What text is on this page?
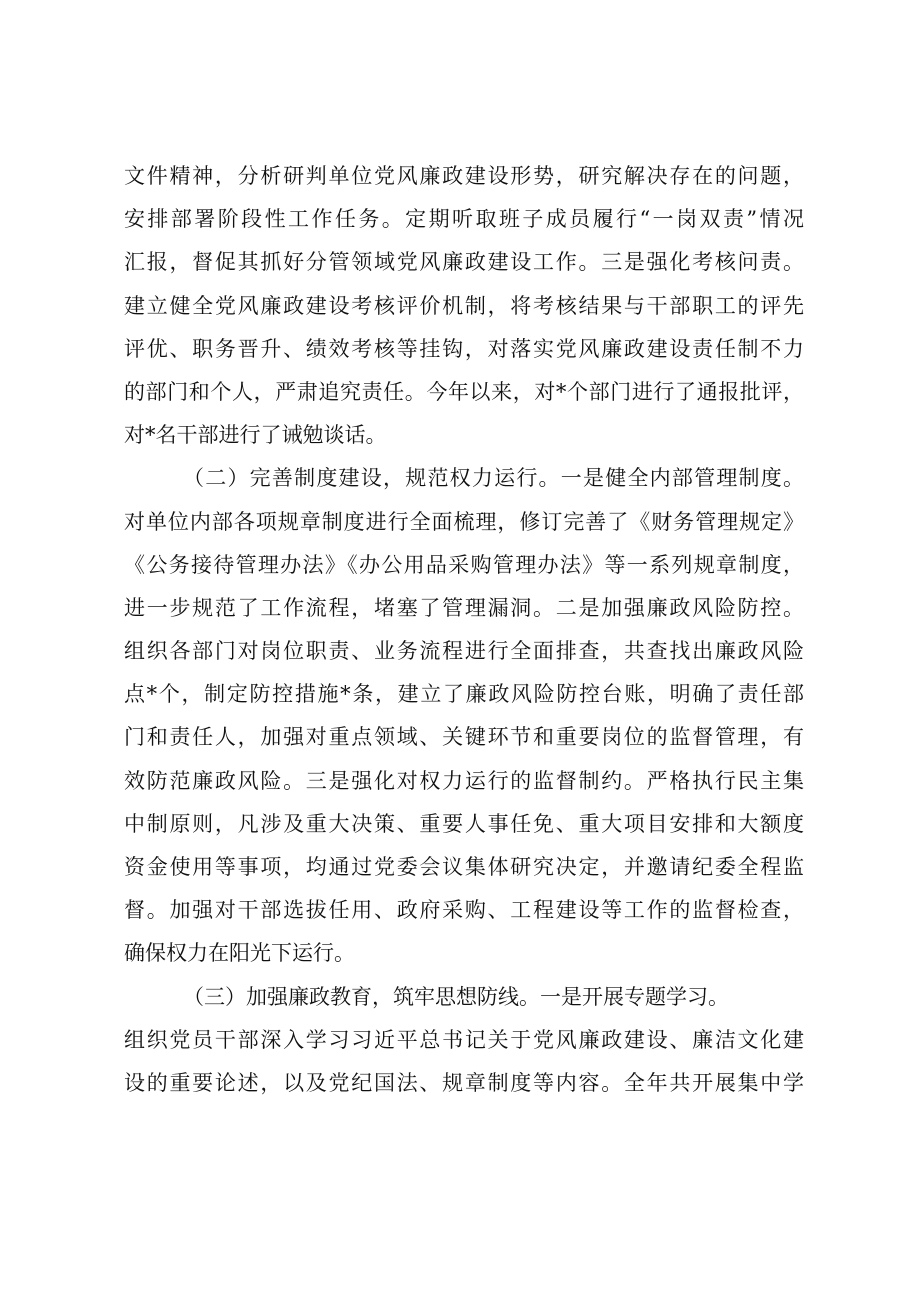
文件精神，分析研判单位党风廉政建设形势，研究解决存在的问题，

安排部署阶段性工作任务。定期听取班子成员履行“一岗双责”情况

汇报，督促其抓好分管领域党风廉政建设工作。三是强化考核问责。

建立健全党风廉政建设考核评价机制，将考核结果与干部职工的评先

评优、职务晋升、绩效考核等挂钩，对落实党风廉政建设责任制不力

的部门和个人，严肃追究责任。今年以来，对*个部门进行了通报批评，

对*名干部进行了诫勉谈话。

（二）完善制度建设，规范权力运行。一是健全内部管理制度。

对单位内部各项规章制度进行全面梳理，修订完善了《财务管理规定》

《公务接待管理办法》《办公用品采购管理办法》等一系列规章制度，

进一步规范了工作流程，堵塞了管理漏洞。二是加强廉政风险防控。

组织各部门对岗位职责、业务流程进行全面排查，共查找出廉政风险

点*个，制定防控措施*条，建立了廉政风险防控台账，明确了责任部

门和责任人，加强对重点领域、关键环节和重要岗位的监督管理，有

效防范廉政风险。三是强化对权力运行的监督制约。严格执行民主集

中制原则，凡涉及重大决策、重要人事任免、重大项目安排和大额度

资金使用等事项，均通过党委会议集体研究决定，并邀请纪委全程监

督。加强对干部选拔任用、政府采购、工程建设等工作的监督检查，

确保权力在阳光下运行。

（三）加强廉政教育，筑牢思想防线。一是开展专题学习。

组织党员干部深入学习习近平总书记关于党风廉政建设、廉洁文化建

设的重要论述，以及党纪国法、规章制度等内容。全年共开展集中学
